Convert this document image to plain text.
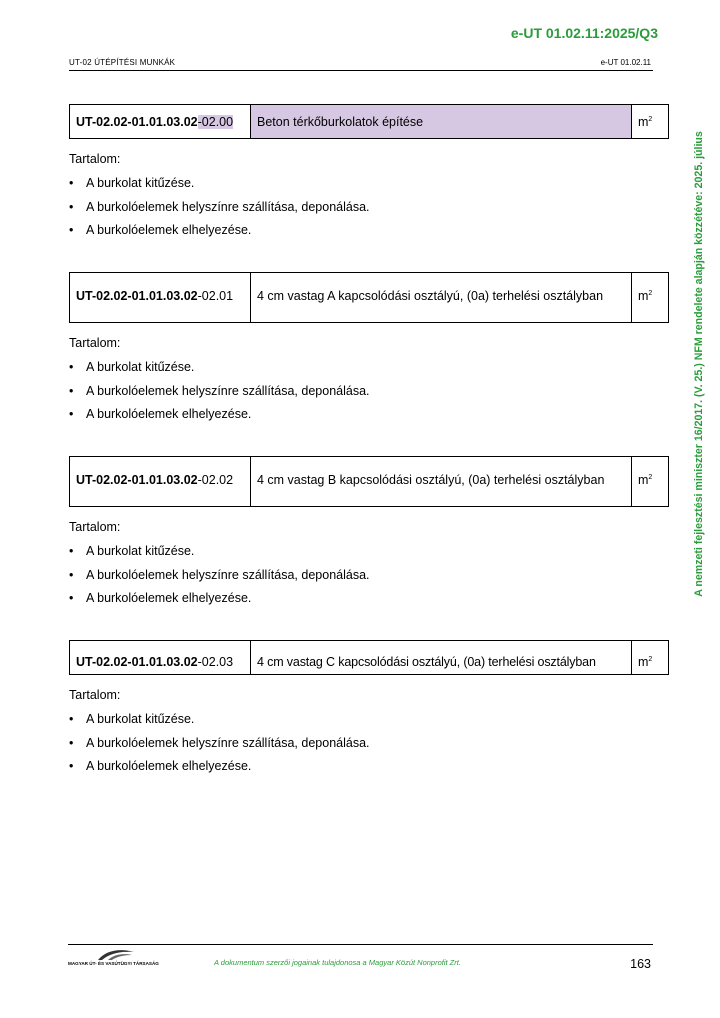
e-UT 01.02.11:2025/Q3
UT-02 ÚTÉPÍTÉSI MUNKÁK	e-UT 01.02.11
A nemzeti fejlesztési miniszter 16/2017. (V. 25.) NFM rendelete alapján közzétéve: 2025. július
UT-02.02-01.01.03.02-02.00	Beton térkőburkolatok építése	$m^2$
Tartalom:
• A burkolat kitűzése.
• A burkolóelemek helyszínre szállítása, deponálása.
• A burkolóelemek elhelyezése.
UT-02.02-01.01.03.02-02.01	4 cm vastag A kapcsolódási osztályú, (0a) terhelési osztályban	$m^2$
Tartalom:
• A burkolat kitűzése.
• A burkolóelemek helyszínre szállítása, deponálása.
• A burkolóelemek elhelyezése.
UT-02.02-01.01.03.02-02.02	4 cm vastag B kapcsolódási osztályú, (0a) terhelési osztályban	$m^2$
Tartalom:
• A burkolat kitűzése.
• A burkolóelemek helyszínre szállítása, deponálása.
• A burkolóelemek elhelyezése.
UT-02.02-01.01.03.02-02.03	4 cm vastag C kapcsolódási osztályú, (0a) terhelési osztályban	$m^2$
Tartalom:
• A burkolat kitűzése.
• A burkolóelemek helyszínre szállítása, deponálása.
• A burkolóelemek elhelyezése.
MAGYAR ÚT- ÉS VASÚTÜGYI TÁRSASÁG	A dokumentum szerzői jogainak tulajdonosa a Magyar Közút Nonprofit Zrt.	163
